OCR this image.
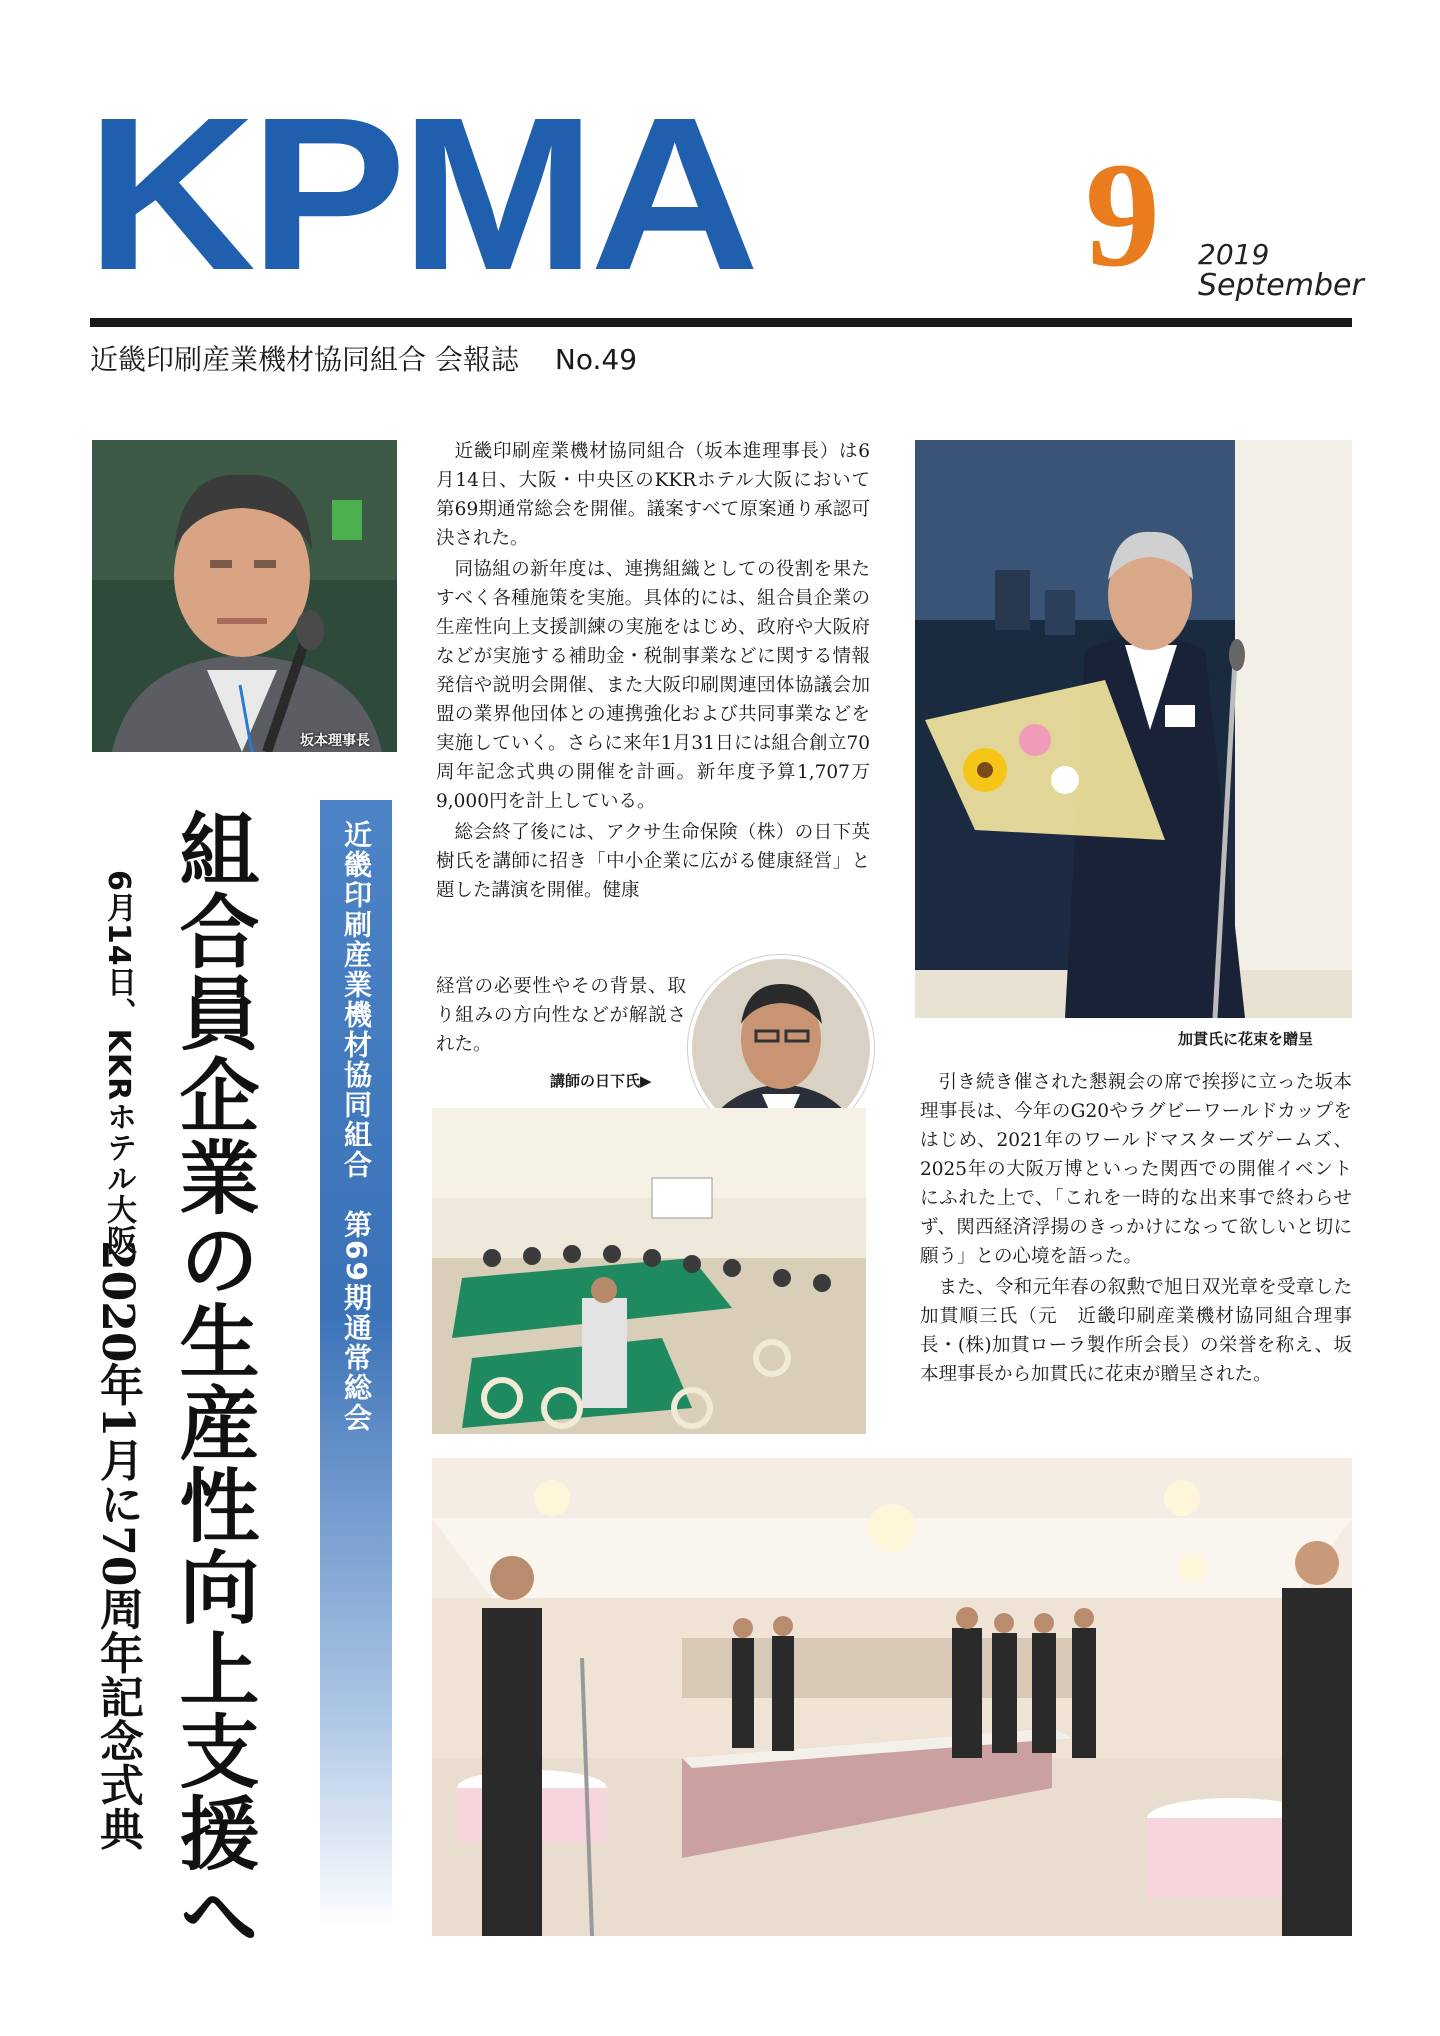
KPMA 9 2019
September
近畿印刷産業機材協同組合 会報誌 No.49
坂本理事長
組合員企業の生産性向上支援へ
6月14日、KKRホテル大阪
2020年1月に70周年記念式典
近畿印刷産業機材協同組合第69期通常総会

近畿印刷産業機材協同組合（坂本進理事長）は6月14日、大阪・中央区のKKRホテル大阪において第69期通常総会を開催。議案すべて原案通り承認可決された。

同協組の新年度は、連携組織としての役割を果たすべく各種施策を実施。具体的には、組合員企業の生産性向上支援訓練の実施をはじめ、政府や大阪府などが実施する補助金・税制事業などに関する情報発信や説明会開催、また大阪印刷関連団体協議会加盟の業界他団体との連携強化および共同事業などを実施していく。さらに来年1月31日には組合創立70周年記念式典の開催を計画。新年度予算1,707万9,000円を計上している。

総会終了後には、アクサ生命保険（株）の日下英樹氏を講師に招き「中小企業に広がる健康経営」と題した講演を開催。健康

経営の必要性やその背景、取り組みの方向性などが解説された。

講師の日下氏▶
加貫氏に花束を贈呈

引き続き催された懇親会の席で挨拶に立った坂本理事長は、今年のG20やラグビーワールドカップをはじめ、2021年のワールドマスターズゲームズ、2025年の大阪万博といった関西での開催イベントにふれた上で、「これを一時的な出来事で終わらせず、関西経済浮揚のきっかけになって欲しいと切に願う」との心境を語った。

また、令和元年春の叙勲で旭日双光章を受章した加貫順三氏（元　近畿印刷産業機材協同組合理事長・(株)加貫ローラ製作所会長）の栄誉を称え、坂本理事長から加貫氏に花束が贈呈された。
